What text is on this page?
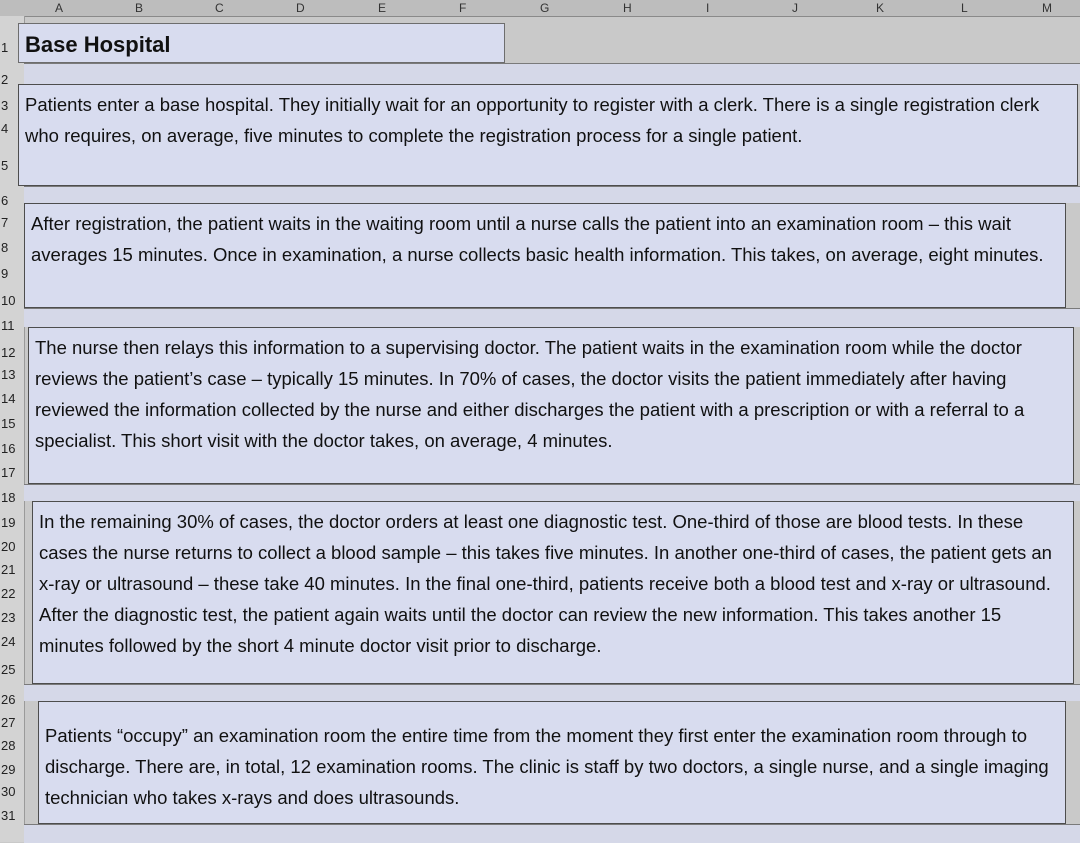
A	B	C	D	E	F	G	H	I	J	K	L	M
1
2
3
4
5
6
7
8
9
10
11
12
13
14
15
16
17
18
19
20
21
22
23
24
25
26
27
28
29
30
31
Base Hospital

Patients enter a base hospital. They initially wait for an opportunity to register with a clerk. There is a single registration clerk who requires, on average, five minutes to complete the registration process for a single patient.

After registration, the patient waits in the waiting room until a nurse calls the patient into an examination room – this wait averages 15 minutes. Once in examination, a nurse collects basic health information. This takes, on average, eight minutes.

The nurse then relays this information to a supervising doctor. The patient waits in the examination room while the doctor reviews the patient’s case – typically 15 minutes. In 70% of cases, the doctor visits the patient immediately after having reviewed the information collected by the nurse and either discharges the patient with a prescription or with a referral to a specialist. This short visit with the doctor takes, on average, 4 minutes.

In the remaining 30% of cases, the doctor orders at least one diagnostic test. One-third of those are blood tests. In these cases the nurse returns to collect a blood sample – this takes five minutes. In another one-third of cases, the patient gets an x-ray or ultrasound – these take 40 minutes. In the final one-third, patients receive both a blood test and x-ray or ultrasound. After the diagnostic test, the patient again waits until the doctor can review the new information. This takes another 15 minutes followed by the short 4 minute doctor visit prior to discharge.

Patients “occupy” an examination room the entire time from the moment they first enter the examination room through to discharge. There are, in total, 12 examination rooms. The clinic is staff by two doctors, a single nurse, and a single imaging technician who takes x-rays and does ultrasounds.
